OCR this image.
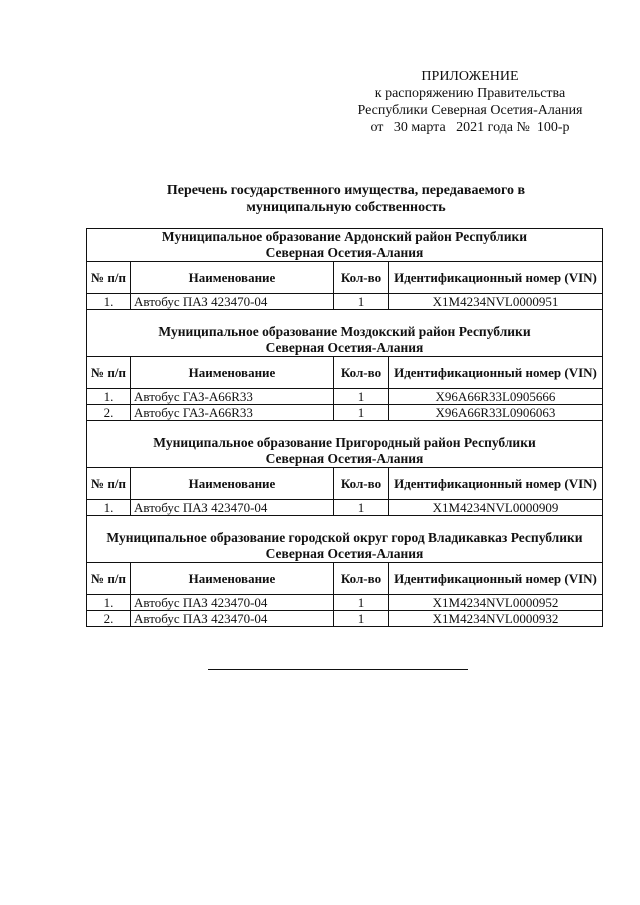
ПРИЛОЖЕНИЕ
к распоряжению Правительства
Республики Северная Осетия-Алания
от   30 марта   2021 года №  100-р
Перечень государственного имущества, передаваемого в
муниципальную собственность
Муниципальное образование Ардонский район Республики
Северная Осетия-Алания			

№ п/п	Наименование	Кол-во	Идентификационный номер (VIN)
1.	Автобус ПАЗ 423470-04	1	X1M4234NVL0000951

Муниципальное образование Моздокский район Республики
Северная Осетия-Алания			

№ п/п	Наименование	Кол-во	Идентификационный номер (VIN)
1.	Автобус ГАЗ-А66R33	1	X96A66R33L0905666
2.	Автобус ГАЗ-А66R33	1	X96A66R33L0906063

Муниципальное образование Пригородный район Республики
Северная Осетия-Алания			

№ п/п	Наименование	Кол-во	Идентификационный номер (VIN)
1.	Автобус ПАЗ 423470-04	1	X1M4234NVL0000909

Муниципальное образование городской округ город Владикавказ Республики
Северная Осетия-Алания			

№ п/п	Наименование	Кол-во	Идентификационный номер (VIN)
1.	Автобус ПАЗ 423470-04	1	X1M4234NVL0000952
2.	Автобус ПАЗ 423470-04	1	X1M4234NVL0000932
